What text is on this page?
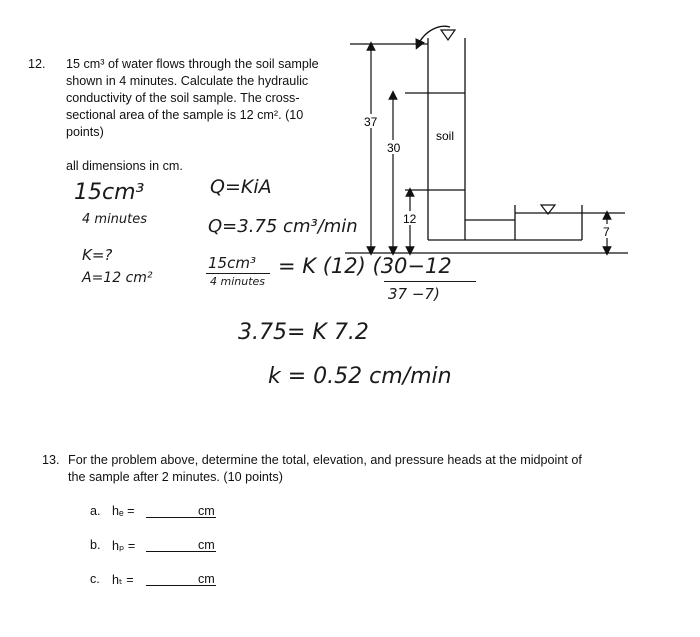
12. 15 cm³ of water flows through the soil sample
shown in 4 minutes. Calculate the hydraulic
conductivity of the soil sample. The cross-
sectional area of the sample is 12 cm². (10
points)
all dimensions in cm.
37
30
12
7
soil
15cm³
4 minutes
K=?
A=12 cm²
Q=KiA
Q=3.75 cm³/min
15cm³
4 minutes
= K (12) (30−12
37 −7)
3.75= K 7.2
k = 0.52 cm/min
13. For the problem above, determine the total, elevation, and pressure heads at the midpoint of
the sample after 2 minutes. (10 points)
a. hₑ =	cm
b. hₚ =	cm
c. hₜ =	cm
